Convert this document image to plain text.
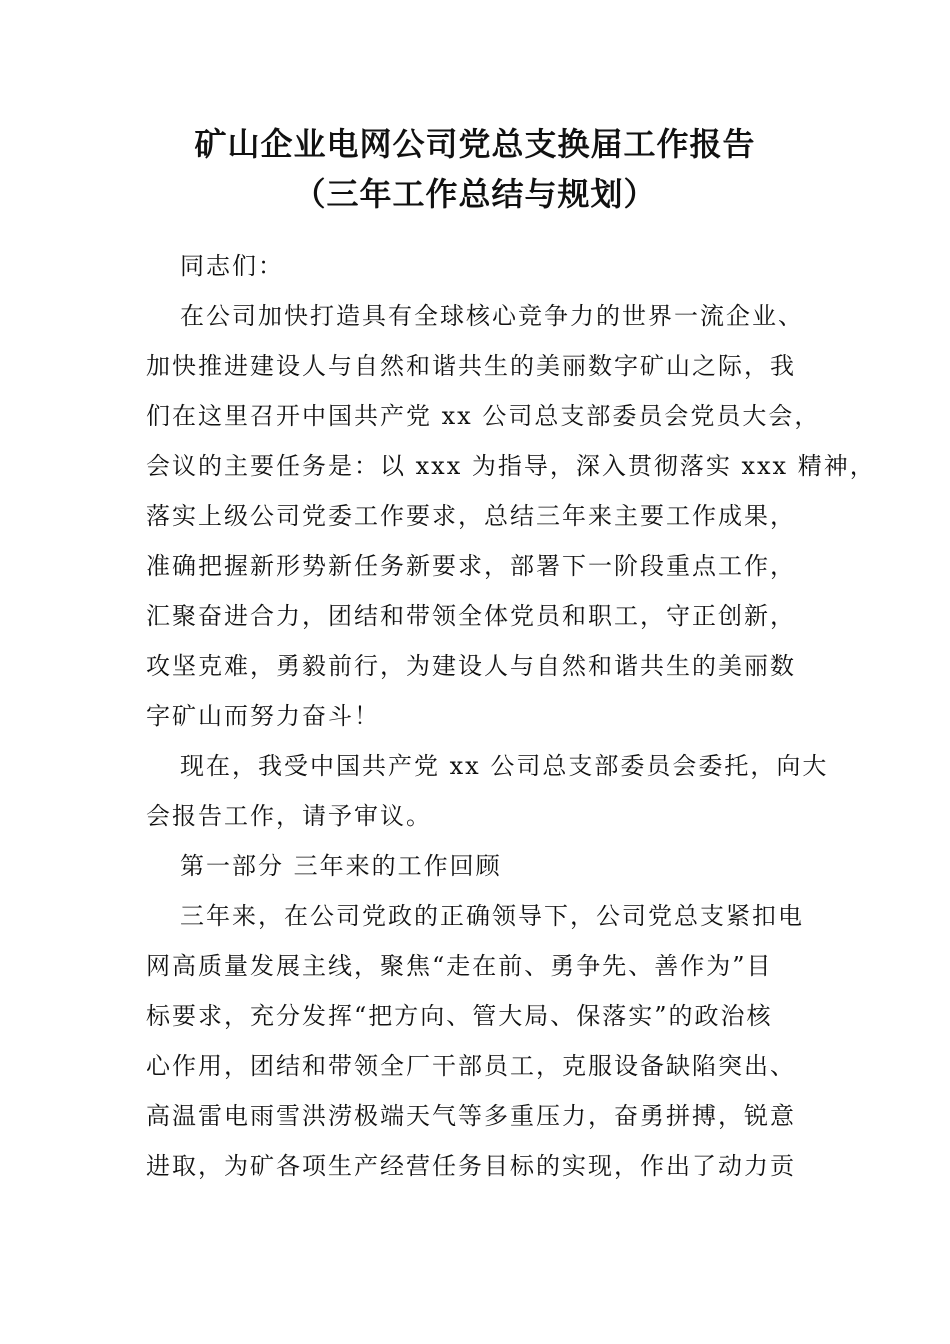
矿山企业电网公司党总支换届工作报告
（三年工作总结与规划）
同志们：
在公司加快打造具有全球核心竞争力的世界一流企业、
加快推进建设人与自然和谐共生的美丽数字矿山之际，我
们在这里召开中国共产党 xx 公司总支部委员会党员大会，
会议的主要任务是：以 xxx 为指导，深入贯彻落实 xxx 精神，
落实上级公司党委工作要求，总结三年来主要工作成果，
准确把握新形势新任务新要求，部署下一阶段重点工作，
汇聚奋进合力，团结和带领全体党员和职工，守正创新，
攻坚克难，勇毅前行，为建设人与自然和谐共生的美丽数
字矿山而努力奋斗！
现在，我受中国共产党 xx 公司总支部委员会委托，向大
会报告工作，请予审议。
第一部分 三年来的工作回顾
三年来，在公司党政的正确领导下，公司党总支紧扣电
网高质量发展主线，聚焦“走在前、勇争先、善作为”目
标要求，充分发挥“把方向、管大局、保落实”的政治核
心作用，团结和带领全厂干部员工，克服设备缺陷突出、
高温雷电雨雪洪涝极端天气等多重压力，奋勇拼搏，锐意
进取，为矿各项生产经营任务目标的实现，作出了动力贡
